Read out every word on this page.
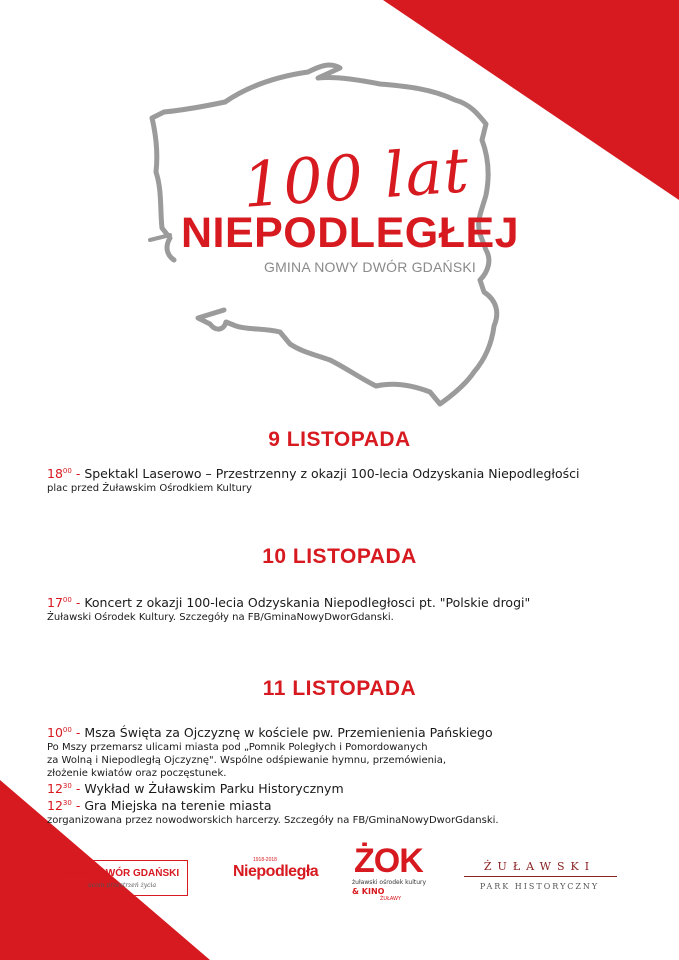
100 lat
NIEPODLEGŁEJ
GMINA NOWY DWÓR GDAŃSKI
9 LISTOPADA
$18^{00}$ - Spektakl Laserowo – Przestrzenny z okazji 100-lecia Odzyskania Niepodległości
plac przed Żuławskim Ośrodkiem Kultury
10 LISTOPADA
$17^{00}$ - Koncert z okazji 100-lecia Odzyskania Niepodległosci pt. "Polskie drogi"
Żuławski Ośrodek Kultury. Szczegóły na FB/GminaNowyDworGdanski.
11 LISTOPADA
$10^{00}$ - Msza Święta za Ojczyznę w kościele pw. Przemienienia Pańskiego
Po Mszy przemarsz ulicami miasta pod „Pomnik Poległych i Pomordowanych
za Wolną i Niepodległą Ojczyznę". Wspólne odśpiewanie hymnu, przemówienia,
złożenie kwiatów oraz poczęstunek.
$12^{30}$ - Wykład w Żuławskim Parku Historycznym
$12^{30}$ - Gra Miejska na terenie miasta
zorganizowana przez nowodworskich harcerzy. Szczegóły na FB/GminaNowyDworGdanski.
NOWY DWÓR GDAŃSKI
ucom przestrzeń życia
1918-2018
Niepodległa ŻOK
żuławski ośrodek kultury
& KINO
ŻUŁAWY
ŻUŁAWSKI
PARK HISTORYCZNY
